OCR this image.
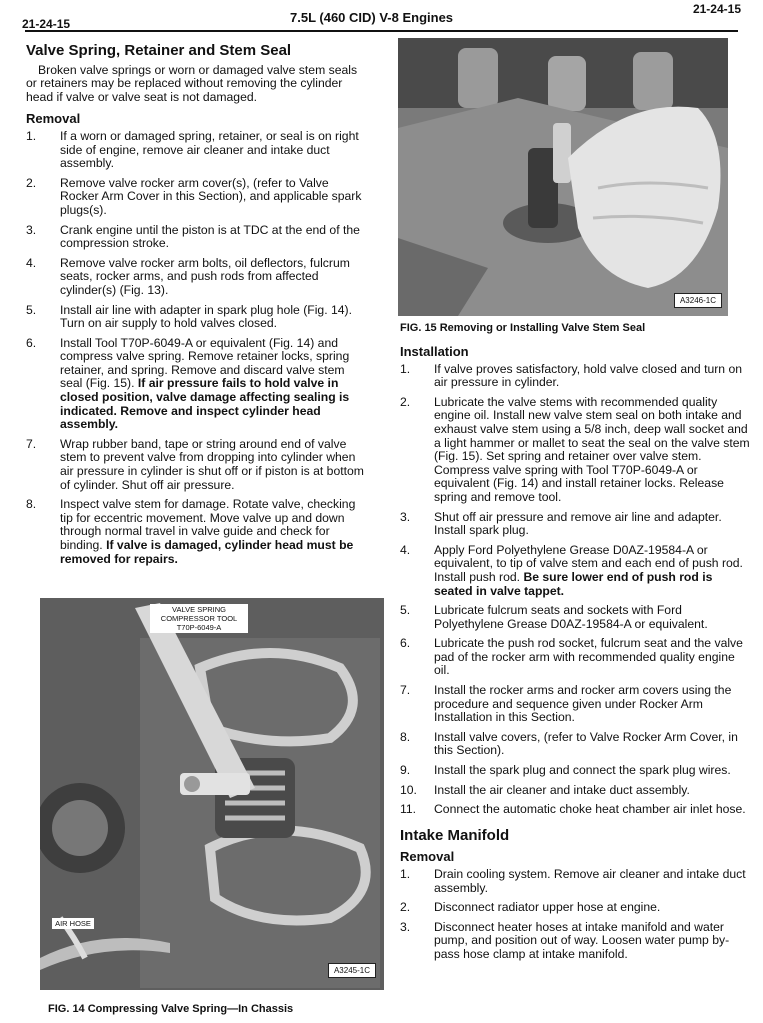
21-24-15	7.5L (460 CID) V-8 Engines
21-24-15
Valve Spring, Retainer and Stem Seal

Broken valve springs or worn or damaged valve stem seals or retainers may be replaced without removing the cylinder head if valve or valve seat is not damaged.

Removal
1.	If a worn or damaged spring, retainer, or seal is on right side of engine, remove air cleaner and intake duct assembly.
2.	Remove valve rocker arm cover(s), (refer to Valve Rocker Arm Cover in this Section), and applicable spark plugs(s).
3.	Crank engine until the piston is at TDC at the end of the compression stroke.
4.	Remove valve rocker arm bolts, oil deflectors, fulcrum seats, rocker arms, and push rods from affected cylinder(s) (Fig. 13).
5.	Install air line with adapter in spark plug hole (Fig. 14). Turn on air supply to hold valves closed.
6.	Install Tool T70P-6049-A or equivalent (Fig. 14) and compress valve spring. Remove retainer locks, spring retainer, and spring. Remove and discard valve stem seal (Fig. 15). If air pressure fails to hold valve in closed position, valve damage affecting sealing is indicated. Remove and inspect cylinder head assembly.
7.	Wrap rubber band, tape or string around end of valve stem to prevent valve from dropping into cylinder when air pressure in cylinder is shut off or if piston is at bottom of cylinder. Shut off air pressure.
8.	Inspect valve stem for damage. Rotate valve, checking tip for eccentric movement. Move valve up and down through normal travel in valve guide and check for binding. If valve is damaged, cylinder head must be removed for repairs.
A3246-1C
FIG. 15 Removing or Installing Valve Stem Seal
Installation
1.	If valve proves satisfactory, hold valve closed and turn on air pressure in cylinder.
2.	Lubricate the valve stems with recommended quality engine oil. Install new valve stem seal on both intake and exhaust valve stem using a 5/8 inch, deep wall socket and a light hammer or mallet to seat the seal on the valve stem (Fig. 15). Set spring and retainer over valve stem. Compress valve spring with Tool T70P-6049-A or equivalent (Fig. 14) and install retainer locks. Release spring and remove tool.
3.	Shut off air pressure and remove air line and adapter. Install spark plug.
4.	Apply Ford Polyethylene Grease D0AZ-19584-A or equivalent, to tip of valve stem and each end of push rod. Install push rod. Be sure lower end of push rod is seated in valve tappet.
5.	Lubricate fulcrum seats and sockets with Ford Polyethylene Grease D0AZ-19584-A or equivalent.
6.	Lubricate the push rod socket, fulcrum seat and the valve pad of the rocker arm with recommended quality engine oil.
7.	Install the rocker arms and rocker arm covers using the procedure and sequence given under Rocker Arm Installation in this Section.
8.	Install valve covers, (refer to Valve Rocker Arm Cover, in this Section).
9.	Install the spark plug and connect the spark plug wires.
10.	Install the air cleaner and intake duct assembly.
11.	Connect the automatic choke heat chamber air inlet hose.
Intake Manifold
Removal
1.	Drain cooling system. Remove air cleaner and intake duct assembly.
2.	Disconnect radiator upper hose at engine.
3.	Disconnect heater hoses at intake manifold and water pump, and position out of way. Loosen water pump by-pass hose clamp at intake manifold.
VALVE SPRING COMPRESSOR TOOL T70P-6049-A
AIR HOSE
A3245-1C
FIG. 14 Compressing Valve Spring—In Chassis
